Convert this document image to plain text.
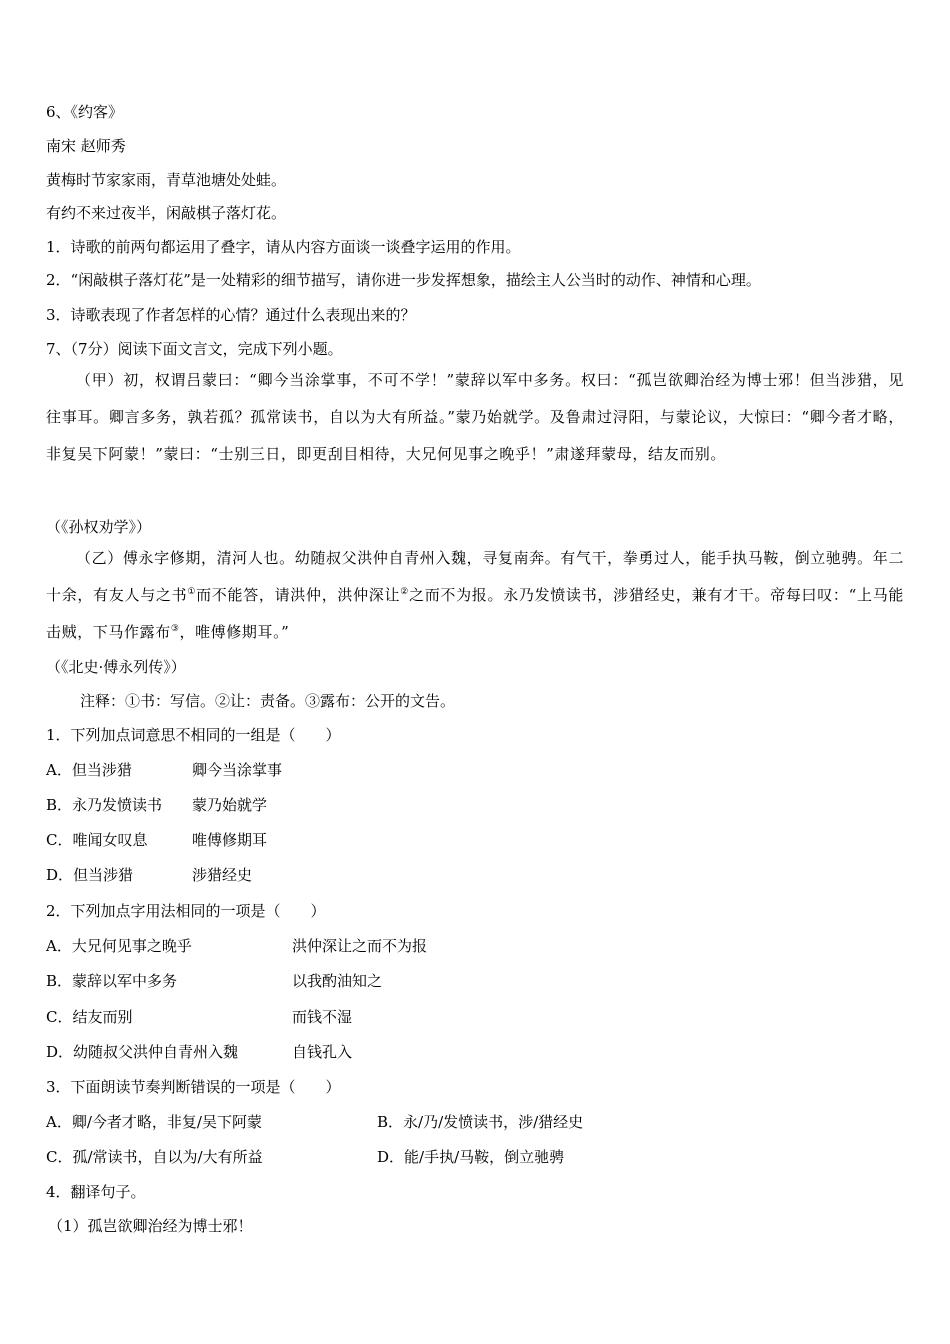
6、《约客》
南宋 赵师秀
黄梅时节家家雨，青草池塘处处蛙。
有约不来过夜半，闲敲棋子落灯花。
1．诗歌的前两句都运用了叠字，请从内容方面谈一谈叠字运用的作用。
2．“闲敲棋子落灯花”是一处精彩的细节描写，请你进一步发挥想象，描绘主人公当时的动作、神情和心理。
3．诗歌表现了作者怎样的心情？通过什么表现出来的？
7、（7分）阅读下面文言文，完成下列小题。
（甲）初，权谓吕蒙曰：“卿今当涂掌事，不可不学！”蒙辞以军中多务。权曰：“孤岂欲卿治经为博士邪！但当涉猎，见往事耳。卿言多务，孰若孤？孤常读书，自以为大有所益。”蒙乃始就学。及鲁肃过浔阳，与蒙论议，大惊曰：“卿今者才略，非复吴下阿蒙！”蒙曰：“士别三日，即更刮目相待，大兄何见事之晚乎！”肃遂拜蒙母，结友而别。
（《孙权劝学》）
（乙）傅永字修期，清河人也。幼随叔父洪仲自青州入魏，寻复南奔。有气干，拳勇过人，能手执马鞍，倒立驰骋。年二十余，有友人与之书①而不能答，请洪仲，洪仲深让②之而不为报。永乃发愤读书，涉猎经史，兼有才干。帝每曰叹：“上马能击贼，下马作露布③，唯傅修期耳。”
（《北史·傅永列传》）
注释：①书：写信。②让：责备。③露布：公开的文告。
1．下列加点词意思不相同的一组是（　　）
A．但当涉猎	卿今当涂掌事
B．永乃发愤读书 蒙乃始就学
C．唯闻女叹息	唯傅修期耳
D．但当涉猎	涉猎经史
2．下列加点字用法相同的一项是（　　）
A．大兄何见事之晚乎	洪仲深让之而不为报
B．蒙辞以军中多务	以我酌油知之
C．结友而别	而钱不湿
D．幼随叔父洪仲自青州入魏	自钱孔入
3．下面朗读节奏判断错误的一项是（　　）
A．卿/今者才略，非复/吴下阿蒙	B．永/乃/发愤读书，涉/猎经史
C．孤/常读书，自以为/大有所益	D．能/手执/马鞍，倒立驰骋
4．翻译句子。
（1）孤岂欲卿治经为博士邪！
